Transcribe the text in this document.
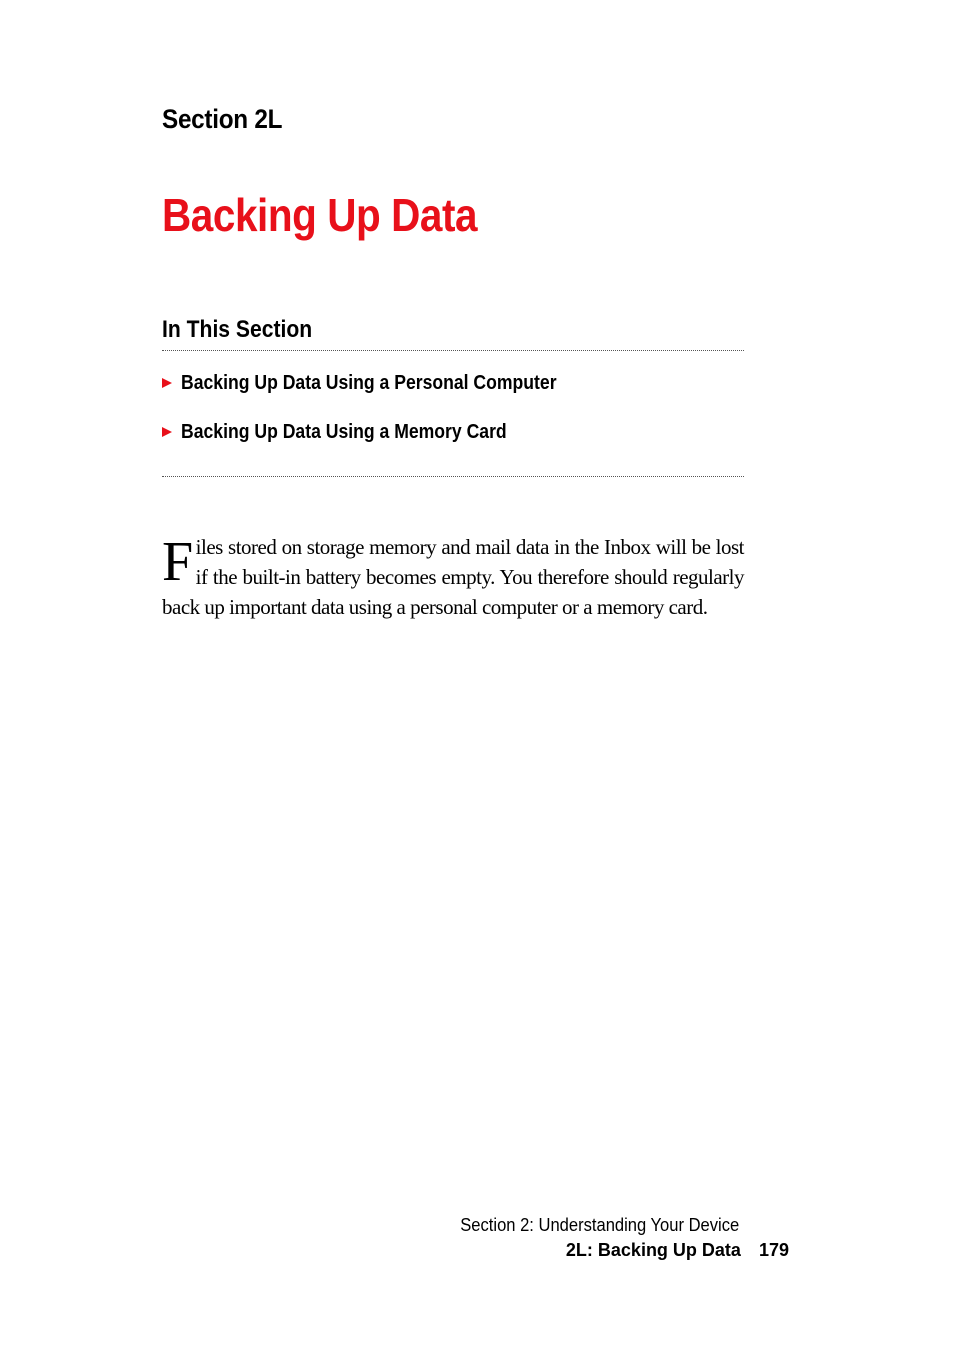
Section 2L
Backing Up Data
In This Section
Backing Up Data Using a Personal Computer
Backing Up Data Using a Memory Card

Files stored on storage memory and mail data in the Inbox will be lost if the built-in battery becomes empty. You therefore should regularly back up important data using a personal computer or a memory card.

Section 2: Understanding Your Device
2L: Backing Up Data 179
